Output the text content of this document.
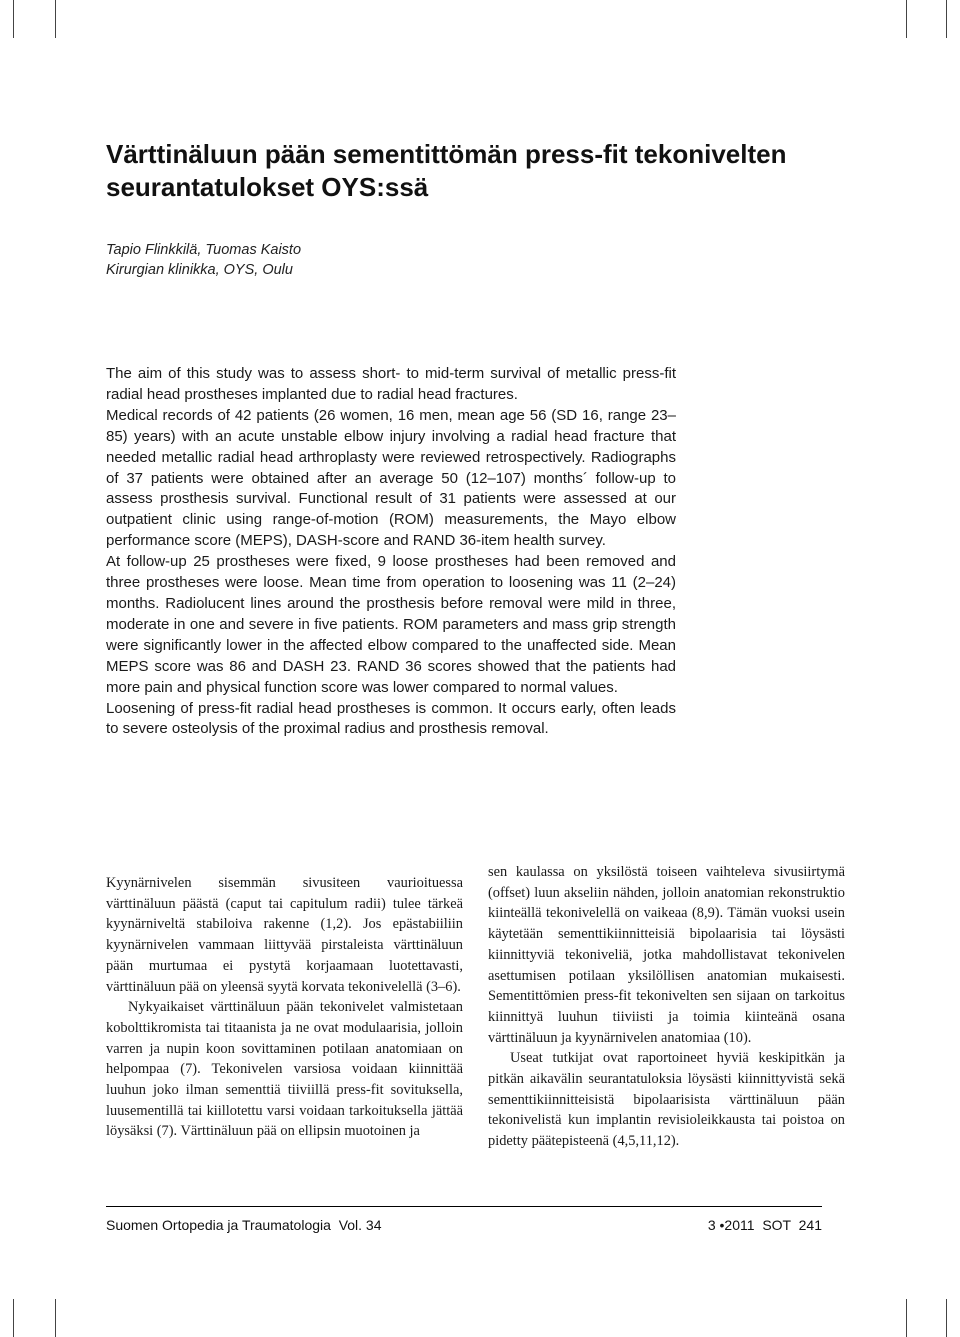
Värttinäluun pään sementittömän press-fit tekonivelten seurantatulokset OYS:ssä
Tapio Flinkkilä, Tuomas Kaisto
Kirurgian klinikka, OYS, Oulu

The aim of this study was to assess short- to mid-term survival of metallic press-fit radial head prostheses implanted due to radial head fractures.

Medical records of 42 patients (26 women, 16 men, mean age 56 (SD 16, range 23–85) years) with an acute unstable elbow injury involving a radial head fracture that needed metallic radial head arthroplasty were reviewed retrospectively. Radiographs of 37 patients were obtained after an average 50 (12–107) months´ follow-up to assess prosthesis survival. Functional result of 31 patients were assessed at our outpatient clinic using range-of-motion (ROM) measurements, the Mayo elbow performance score (MEPS), DASH-score and RAND 36-item health survey.

At follow-up 25 prostheses were fixed, 9 loose prostheses had been removed and three prostheses were loose. Mean time from operation to loosening was 11 (2–24) months. Radiolucent lines around the prosthesis before removal were mild in three, moderate in one and severe in five patients. ROM parameters and mass grip strength were significantly lower in the affected elbow compared to the unaffected side. Mean MEPS score was 86 and DASH 23. RAND 36 scores showed that the patients had more pain and physical function score was lower compared to normal values.

Loosening of press-fit radial head prostheses is common. It occurs early, often leads to severe osteolysis of the proximal radius and prosthesis removal.

Kyynärnivelen sisemmän sivusiteen vaurioituessa värttinäluun päästä (caput tai capitulum radii) tulee tärkeä kyynärniveltä stabiloiva rakenne (1,2). Jos epästabiiliin kyynärnivelen vammaan liittyvää pirstaleista värttinäluun pään murtumaa ei pystytä korjaamaan luotettavasti, värttinäluun pää on yleensä syytä korvata tekonivelellä (3–6).

Nykyaikaiset värttinäluun pään tekonivelet valmistetaan kobolttikromista tai titaanista ja ne ovat modulaarisia, jolloin varren ja nupin koon sovittaminen potilaan anatomiaan on helpompaa (7). Tekonivelen varsiosa voidaan kiinnittää luuhun joko ilman sementtiä tiiviillä press-fit sovituksella, luusementillä tai kiillotettu varsi voidaan tarkoituksella jättää löysäksi (7). Värttinäluun pää on ellipsin muotoinen ja

sen kaulassa on yksilöstä toiseen vaihteleva sivusiirtymä (offset) luun akseliin nähden, jolloin anatomian rekonstruktio kiinteällä tekonivelellä on vaikeaa (8,9). Tämän vuoksi usein käytetään sementtikiinnitteisiä bipolaarisia tai löysästi kiinnittyviä tekoniveliä, jotka mahdollistavat tekonivelen asettumisen potilaan yksilöllisen anatomian mukaisesti. Sementittömien press-fit tekonivelten sen sijaan on tarkoitus kiinnittyä luuhun tiiviisti ja toimia kiinteänä osana värttinäluun ja kyynärnivelen anatomiaa (10).

Useat tutkijat ovat raportoineet hyviä keskipitkän ja pitkän aikavälin seurantatuloksia löysästi kiinnittyvistä sekä sementtikiinnitteisistä bipolaarisista värttinäluun pään tekonivelistä kun implantin revisioleikkausta tai poistoa on pidetty päätepisteenä (4,5,11,12).

Suomen Ortopedia ja Traumatologia  Vol. 34	3 •2011  SOT  241
